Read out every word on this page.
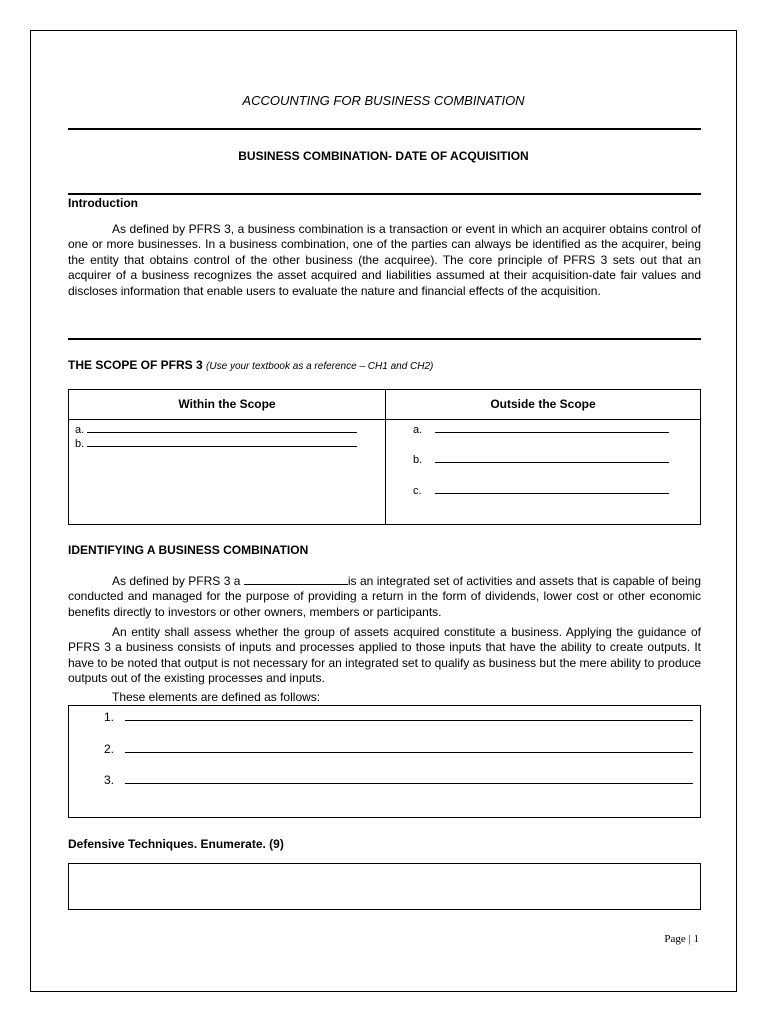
ACCOUNTING FOR BUSINESS COMBINATION
BUSINESS COMBINATION- DATE OF ACQUISITION
Introduction
As defined by PFRS 3, a business combination is a transaction or event in which an acquirer obtains control of one or more businesses. In a business combination, one of the parties can always be identified as the acquirer, being the entity that obtains control of the other business (the acquiree). The core principle of PFRS 3 sets out that an acquirer of a business recognizes the asset acquired and liabilities assumed at their acquisition-date fair values and discloses information that enable users to evaluate the nature and financial effects of the acquisition.
THE SCOPE OF PFRS 3 (Use your textbook as a reference – CH1 and CH2)
Within the Scope	Outside the Scope
a.
b.
a.
b.
c.
IDENTIFYING A BUSINESS COMBINATION
As defined by PFRS 3 a	is an integrated set of activities and assets that is capable of being conducted and managed for the purpose of providing a return in the form of dividends, lower cost or other economic benefits directly to investors or other owners, members or participants.
An entity shall assess whether the group of assets acquired constitute a business. Applying the guidance of PFRS 3 a business consists of inputs and processes applied to those inputs that have the ability to create outputs. It have to be noted that output is not necessary for an integrated set to qualify as business but the mere ability to produce outputs out of the existing processes and inputs.
These elements are defined as follows:
1.
2.
3.
Defensive Techniques. Enumerate. (9)
Page | 1
